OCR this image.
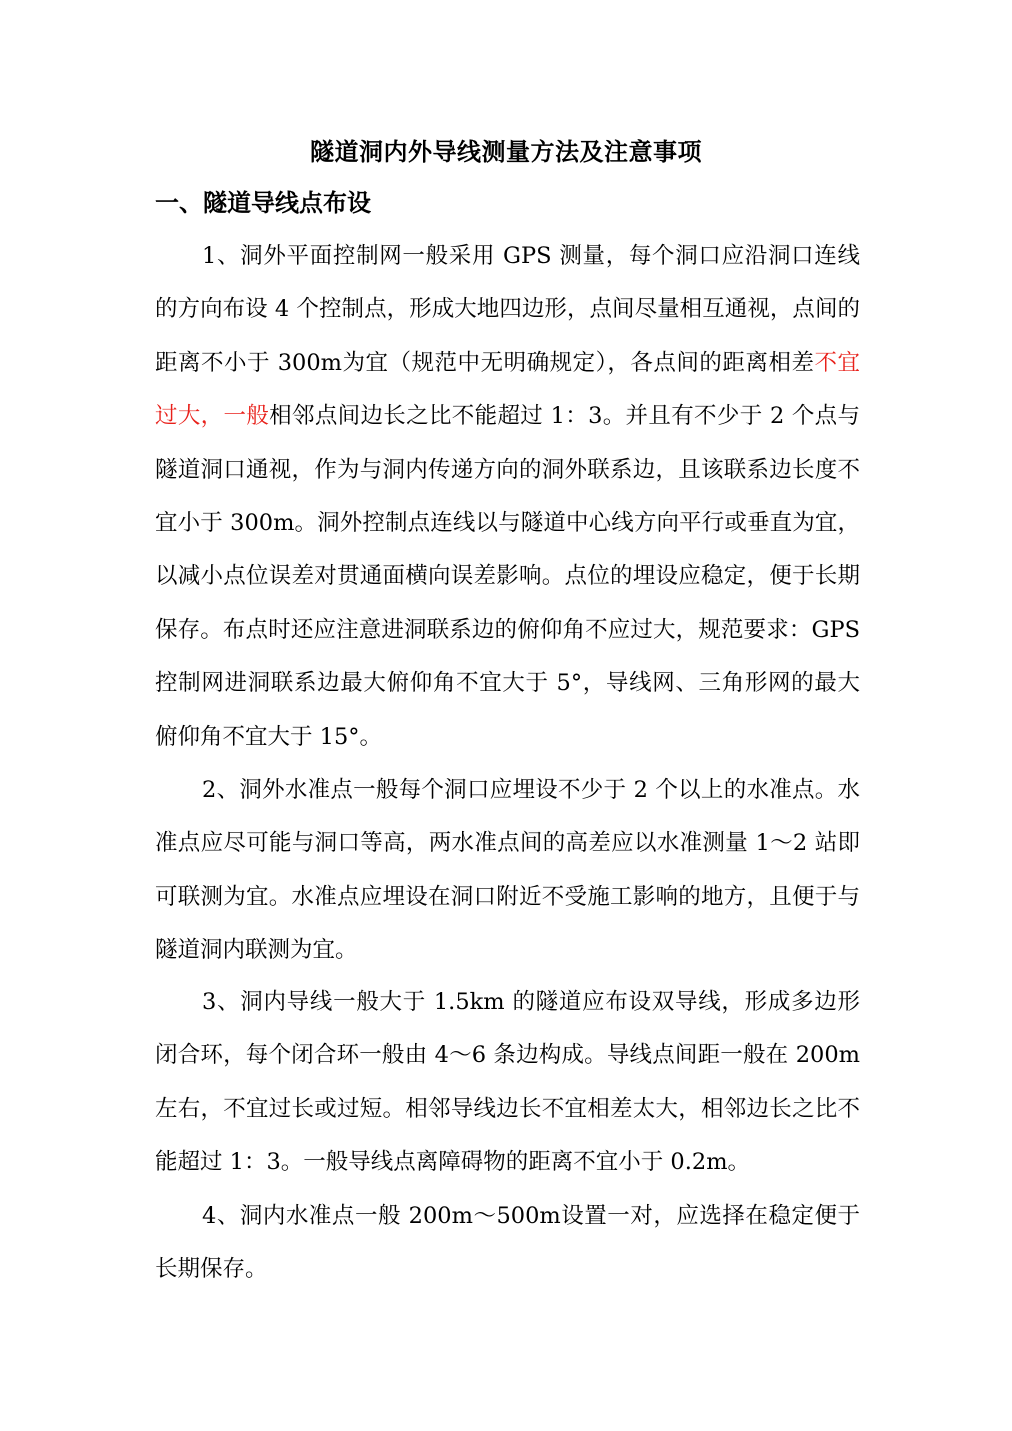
隧道洞内外导线测量方法及注意事项
一、隧道导线点布设

1、洞外平面控制网一般采用 GPS 测量，每个洞口应沿洞口连线的方向布设 4 个控制点，形成大地四边形，点间尽量相互通视，点间的距离不小于 300m为宜（规范中无明确规定），各点间的距离相差不宜过大，一般相邻点间边长之比不能超过 1：3。并且有不少于 2 个点与隧道洞口通视，作为与洞内传递方向的洞外联系边，且该联系边长度不宜小于 300m。洞外控制点连线以与隧道中心线方向平行或垂直为宜，以减小点位误差对贯通面横向误差影响。点位的埋设应稳定，便于长期保存。布点时还应注意进洞联系边的俯仰角不应过大，规范要求：GPS 控制网进洞联系边最大俯仰角不宜大于 5°，导线网、三角形网的最大俯仰角不宜大于 15°。

2、洞外水准点一般每个洞口应埋设不少于 2 个以上的水准点。水准点应尽可能与洞口等高，两水准点间的高差应以水准测量 1～2 站即可联测为宜。水准点应埋设在洞口附近不受施工影响的地方，且便于与隧道洞内联测为宜。

3、洞内导线一般大于 1.5km 的隧道应布设双导线，形成多边形闭合环，每个闭合环一般由 4～6 条边构成。导线点间距一般在 200m 左右，不宜过长或过短。相邻导线边长不宜相差太大，相邻边长之比不能超过 1：3。一般导线点离障碍物的距离不宜小于 0.2m。

4、洞内水准点一般 200m～500m设置一对，应选择在稳定便于长期保存。
